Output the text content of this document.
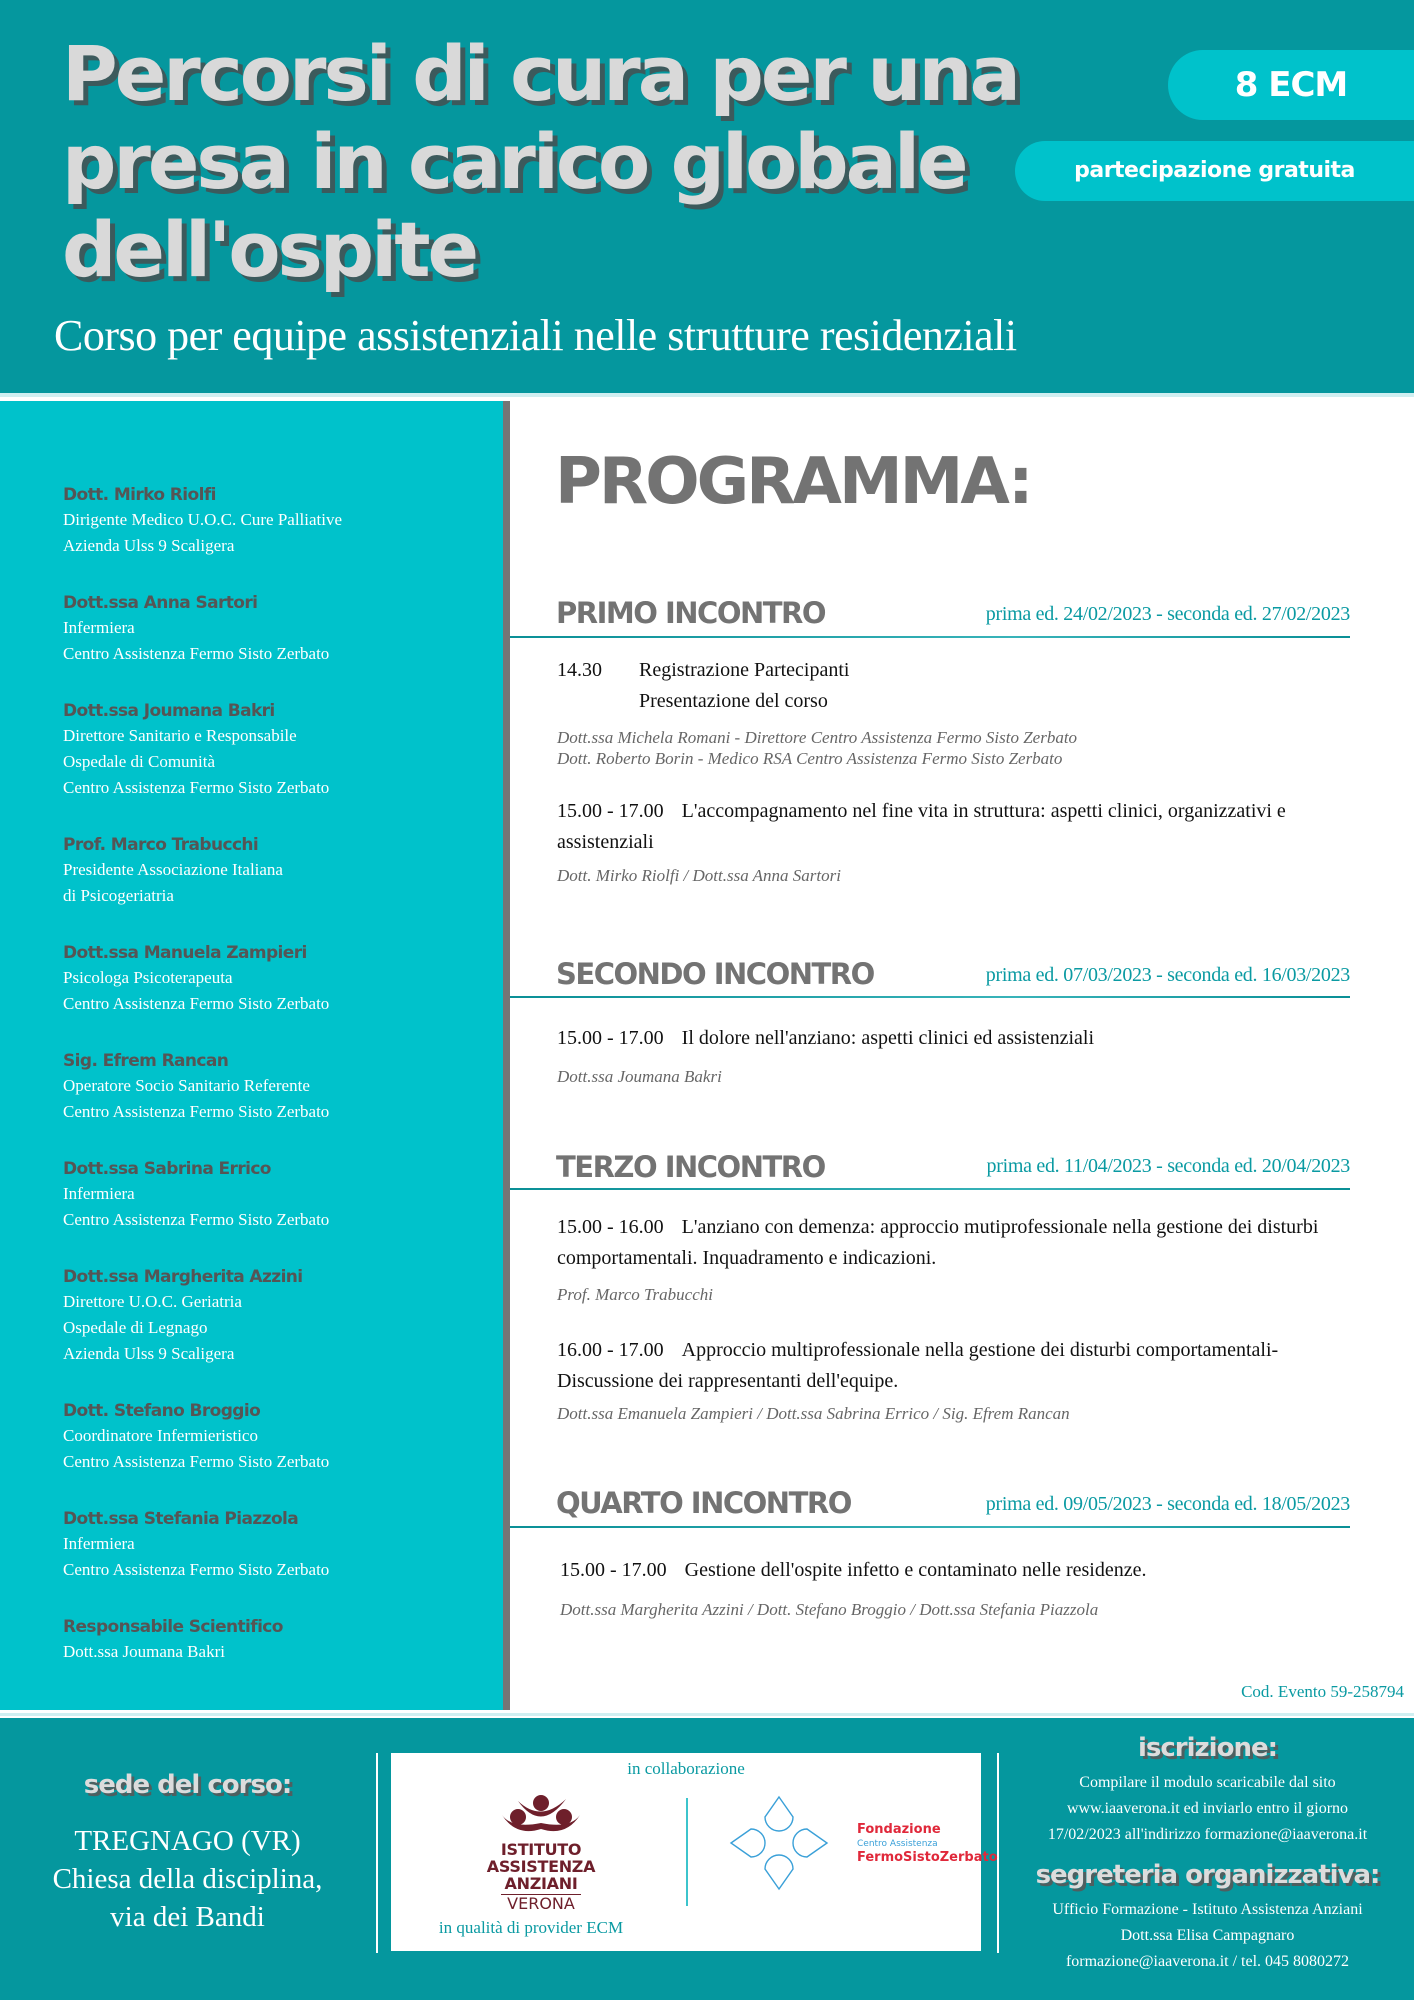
Percorsi di cura per una
presa in carico globale
dell'ospite
Corso per equipe assistenziali nelle strutture residenziali
8 ECM
partecipazione gratuita
Dott. Mirko Riolfi
Dirigente Medico U.O.C. Cure Palliative
Azienda Ulss 9 Scaligera
Dott.ssa Anna Sartori
Infermiera
Centro Assistenza Fermo Sisto Zerbato
Dott.ssa Joumana Bakri
Direttore Sanitario e Responsabile
Ospedale di Comunità
Centro Assistenza Fermo Sisto Zerbato
Prof. Marco Trabucchi
Presidente Associazione Italiana
di Psicogeriatria
Dott.ssa Manuela Zampieri
Psicologa Psicoterapeuta
Centro Assistenza Fermo Sisto Zerbato
Sig. Efrem Rancan
Operatore Socio Sanitario Referente
Centro Assistenza Fermo Sisto Zerbato
Dott.ssa Sabrina Errico
Infermiera
Centro Assistenza Fermo Sisto Zerbato
Dott.ssa Margherita Azzini
Direttore U.O.C. Geriatria
Ospedale di Legnago
Azienda Ulss 9 Scaligera
Dott. Stefano Broggio
Coordinatore Infermieristico
Centro Assistenza Fermo Sisto Zerbato
Dott.ssa Stefania Piazzola
Infermiera
Centro Assistenza Fermo Sisto Zerbato
Responsabile Scientifico
Dott.ssa Joumana Bakri
PROGRAMMA:
PRIMO INCONTRO	prima ed. 24/02/2023 - seconda ed. 27/02/2023
14.30	Registrazione Partecipanti
Presentazione del corso
Dott.ssa Michela Romani - Direttore Centro Assistenza Fermo Sisto Zerbato
Dott. Roberto Borin - Medico RSA Centro Assistenza Fermo Sisto Zerbato
15.00 - 17.00 L'accompagnamento nel fine vita in struttura: aspetti clinici, organizzativi e assistenziali
Dott. Mirko Riolfi / Dott.ssa Anna Sartori
SECONDO INCONTRO	prima ed. 07/03/2023 - seconda ed. 16/03/2023
15.00 - 17.00 Il dolore nell'anziano: aspetti clinici ed assistenziali
Dott.ssa Joumana Bakri
TERZO INCONTRO	prima ed. 11/04/2023 - seconda ed. 20/04/2023
15.00 - 16.00 L'anziano con demenza: approccio mutiprofessionale nella gestione dei disturbi comportamentali. Inquadramento e indicazioni.
Prof. Marco Trabucchi
16.00 - 17.00 Approccio multiprofessionale nella gestione dei disturbi comportamentali- Discussione dei rappresentanti dell'equipe.
Dott.ssa Emanuela Zampieri / Dott.ssa Sabrina Errico / Sig. Efrem Rancan
QUARTO INCONTRO	prima ed. 09/05/2023 - seconda ed. 18/05/2023
15.00 - 17.00 Gestione dell'ospite infetto e contaminato nelle residenze.
Dott.ssa Margherita Azzini / Dott. Stefano Broggio / Dott.ssa Stefania Piazzola
Cod. Evento 59-258794
sede del corso:
TREGNAGO (VR)
Chiesa della disciplina,
via dei Bandi
in collaborazione
ISTITUTO
ASSISTENZA
ANZIANI
VERONA
in qualità di provider ECM
Fondazione
Centro Assistenza
FermoSistoZerbato
iscrizione:
Compilare il modulo scaricabile dal sito
www.iaaverona.it ed inviarlo entro il giorno
17/02/2023 all'indirizzo formazione@iaaverona.it
segreteria organizzativa:
Ufficio Formazione - Istituto Assistenza Anziani
Dott.ssa Elisa Campagnaro
formazione@iaaverona.it / tel. 045 8080272
